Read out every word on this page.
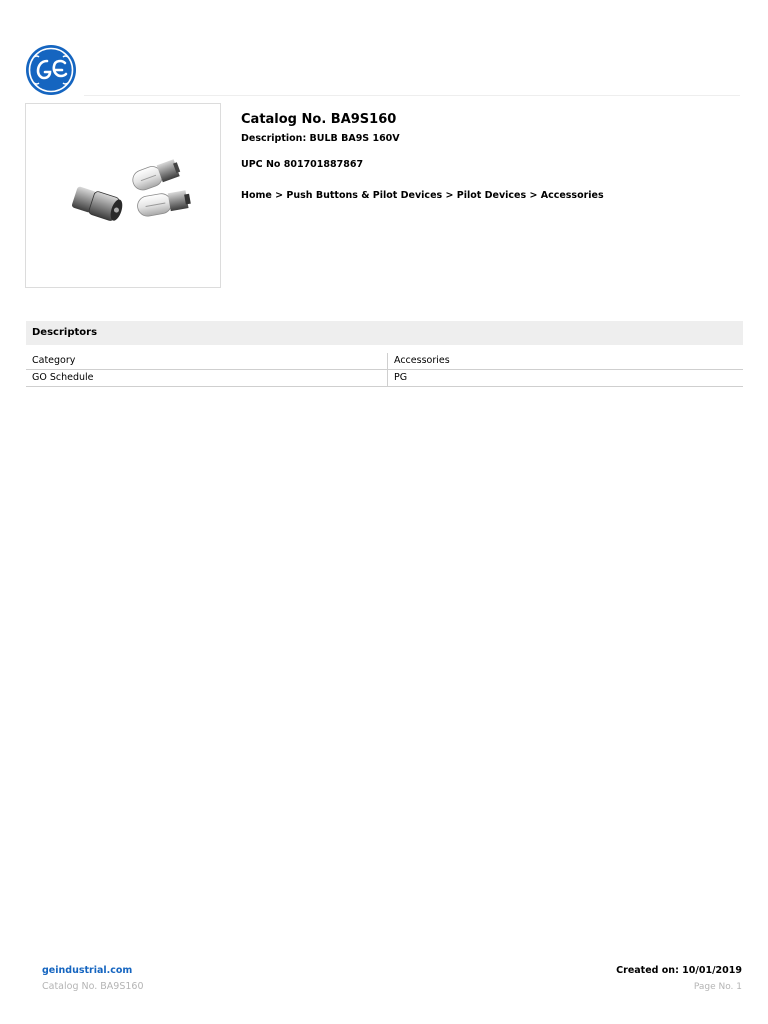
Catalog No. BA9S160
Description: BULB BA9S 160V
UPC No 801701887867
Home > Push Buttons & Pilot Devices > Pilot Devices > Accessories
Descriptors
Category	Accessories
GO Schedule	PG
geindustrial.com
Catalog No. BA9S160
Created on: 10/01/2019
Page No. 1
